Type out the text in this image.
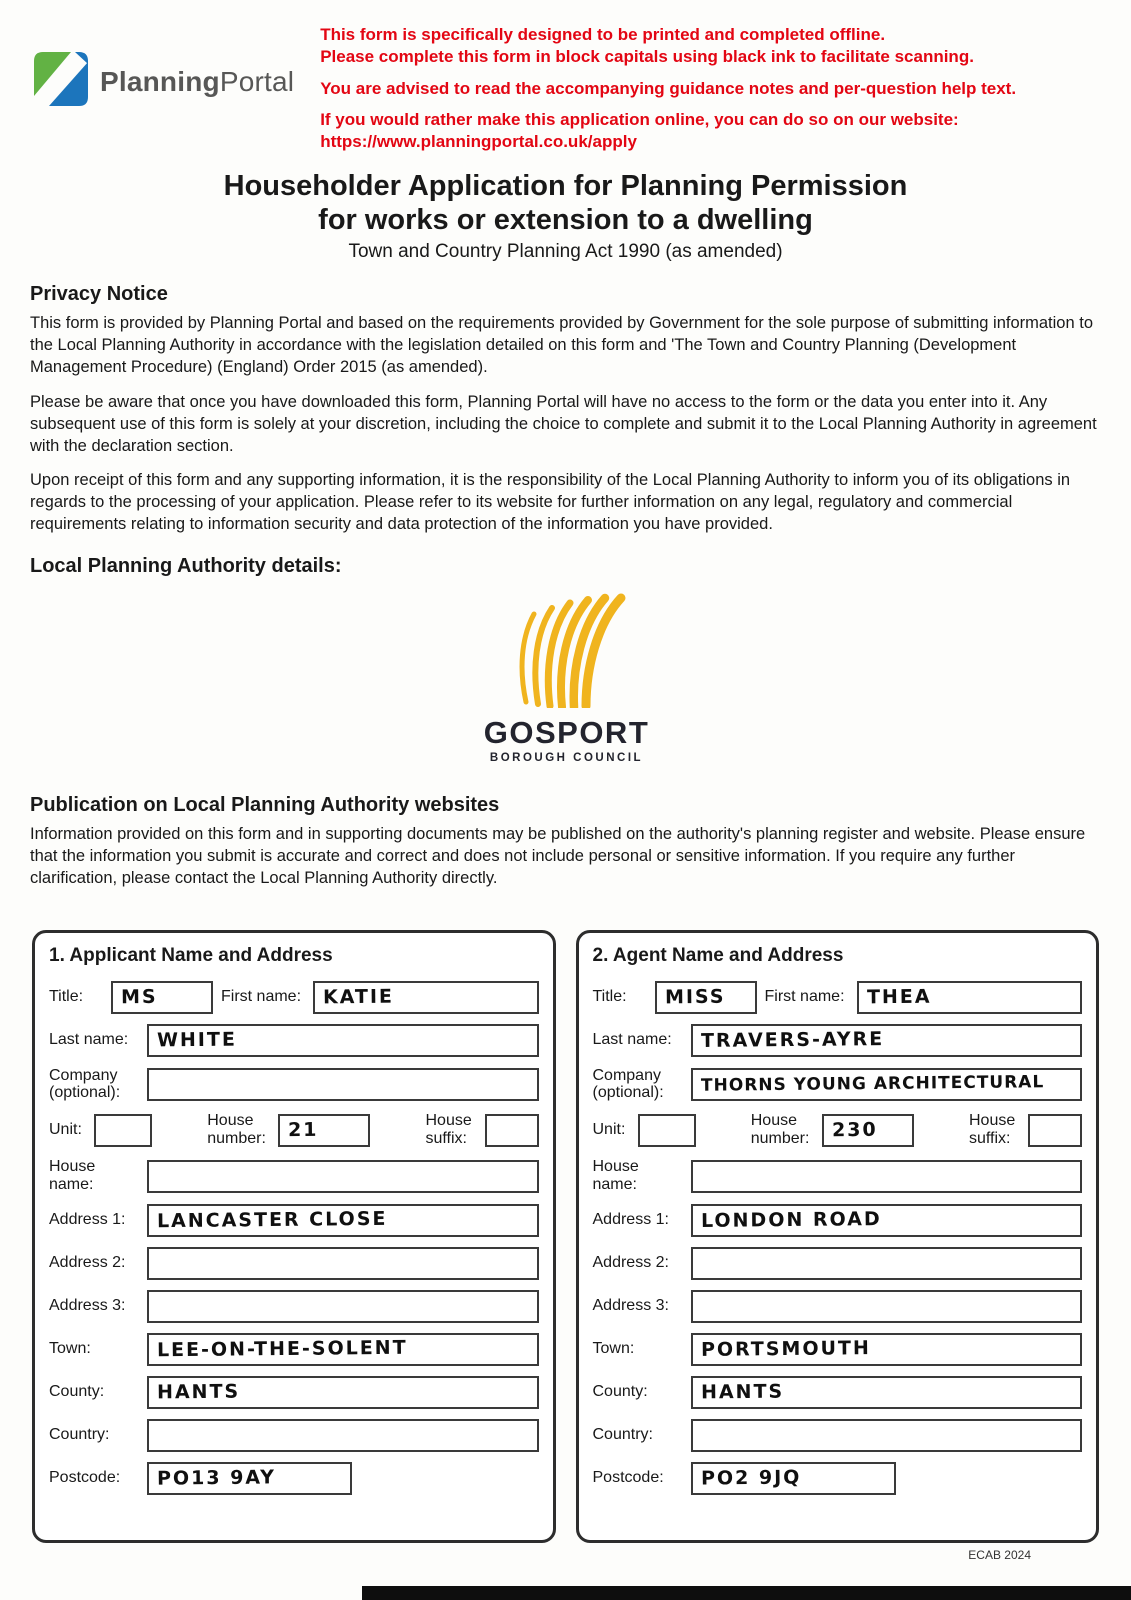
PlanningPortal

This form is specifically designed to be printed and completed offline.

Please complete this form in block capitals using black ink to facilitate scanning.

You are advised to read the accompanying guidance notes and per-question help text.

If you would rather make this application online, you can do so on our website:

https://www.planningportal.co.uk/apply

Householder Application for Planning Permission
for works or extension to a dwelling
Town and Country Planning Act 1990 (as amended)
Privacy Notice

This form is provided by Planning Portal and based on the requirements provided by Government for the sole purpose of submitting information to the Local Planning Authority in accordance with the legislation detailed on this form and 'The Town and Country Planning (Development Management Procedure) (England) Order 2015 (as amended).

Please be aware that once you have downloaded this form, Planning Portal will have no access to the form or the data you enter into it. Any subsequent use of this form is solely at your discretion, including the choice to complete and submit it to the Local Planning Authority in agreement with the declaration section.

Upon receipt of this form and any supporting information, it is the responsibility of the Local Planning Authority to inform you of its obligations in regards to the processing of your application. Please refer to its website for further information on any legal, regulatory and commercial requirements relating to information security and data protection of the information you have provided.

Local Planning Authority details:
GOSPORT
BOROUGH COUNCIL
Publication on Local Planning Authority websites

Information provided on this form and in supporting documents may be published on the authority's planning register and website. Please ensure that the information you submit is accurate and correct and does not include personal or sensitive information. If you require any further clarification, please contact the Local Planning Authority directly.

1. Applicant Name and Address
Title:	MS	First name: KATIE
Last name:	WHITE
Company (optional):
Unit:
House number: 21	House suffix:
House name:
Address 1:	LANCASTER CLOSE
Address 2:
Address 3:
Town:	LEE-ON-THE-SOLENT
County:	HANTS
Country:
Postcode:	PO13 9AY
2. Agent Name and Address
Title:	MISS First name: THEA
Last name:	TRAVERS-AYRE
Company (optional):	THORNS YOUNG ARCHITECTURAL
Unit:
House number: 230	House suffix:
House name:
Address 1:	LONDON ROAD
Address 2:
Address 3:
Town:	PORTSMOUTH
County:	HANTS
Country:
Postcode:	PO2 9JQ
ECAB 2024
